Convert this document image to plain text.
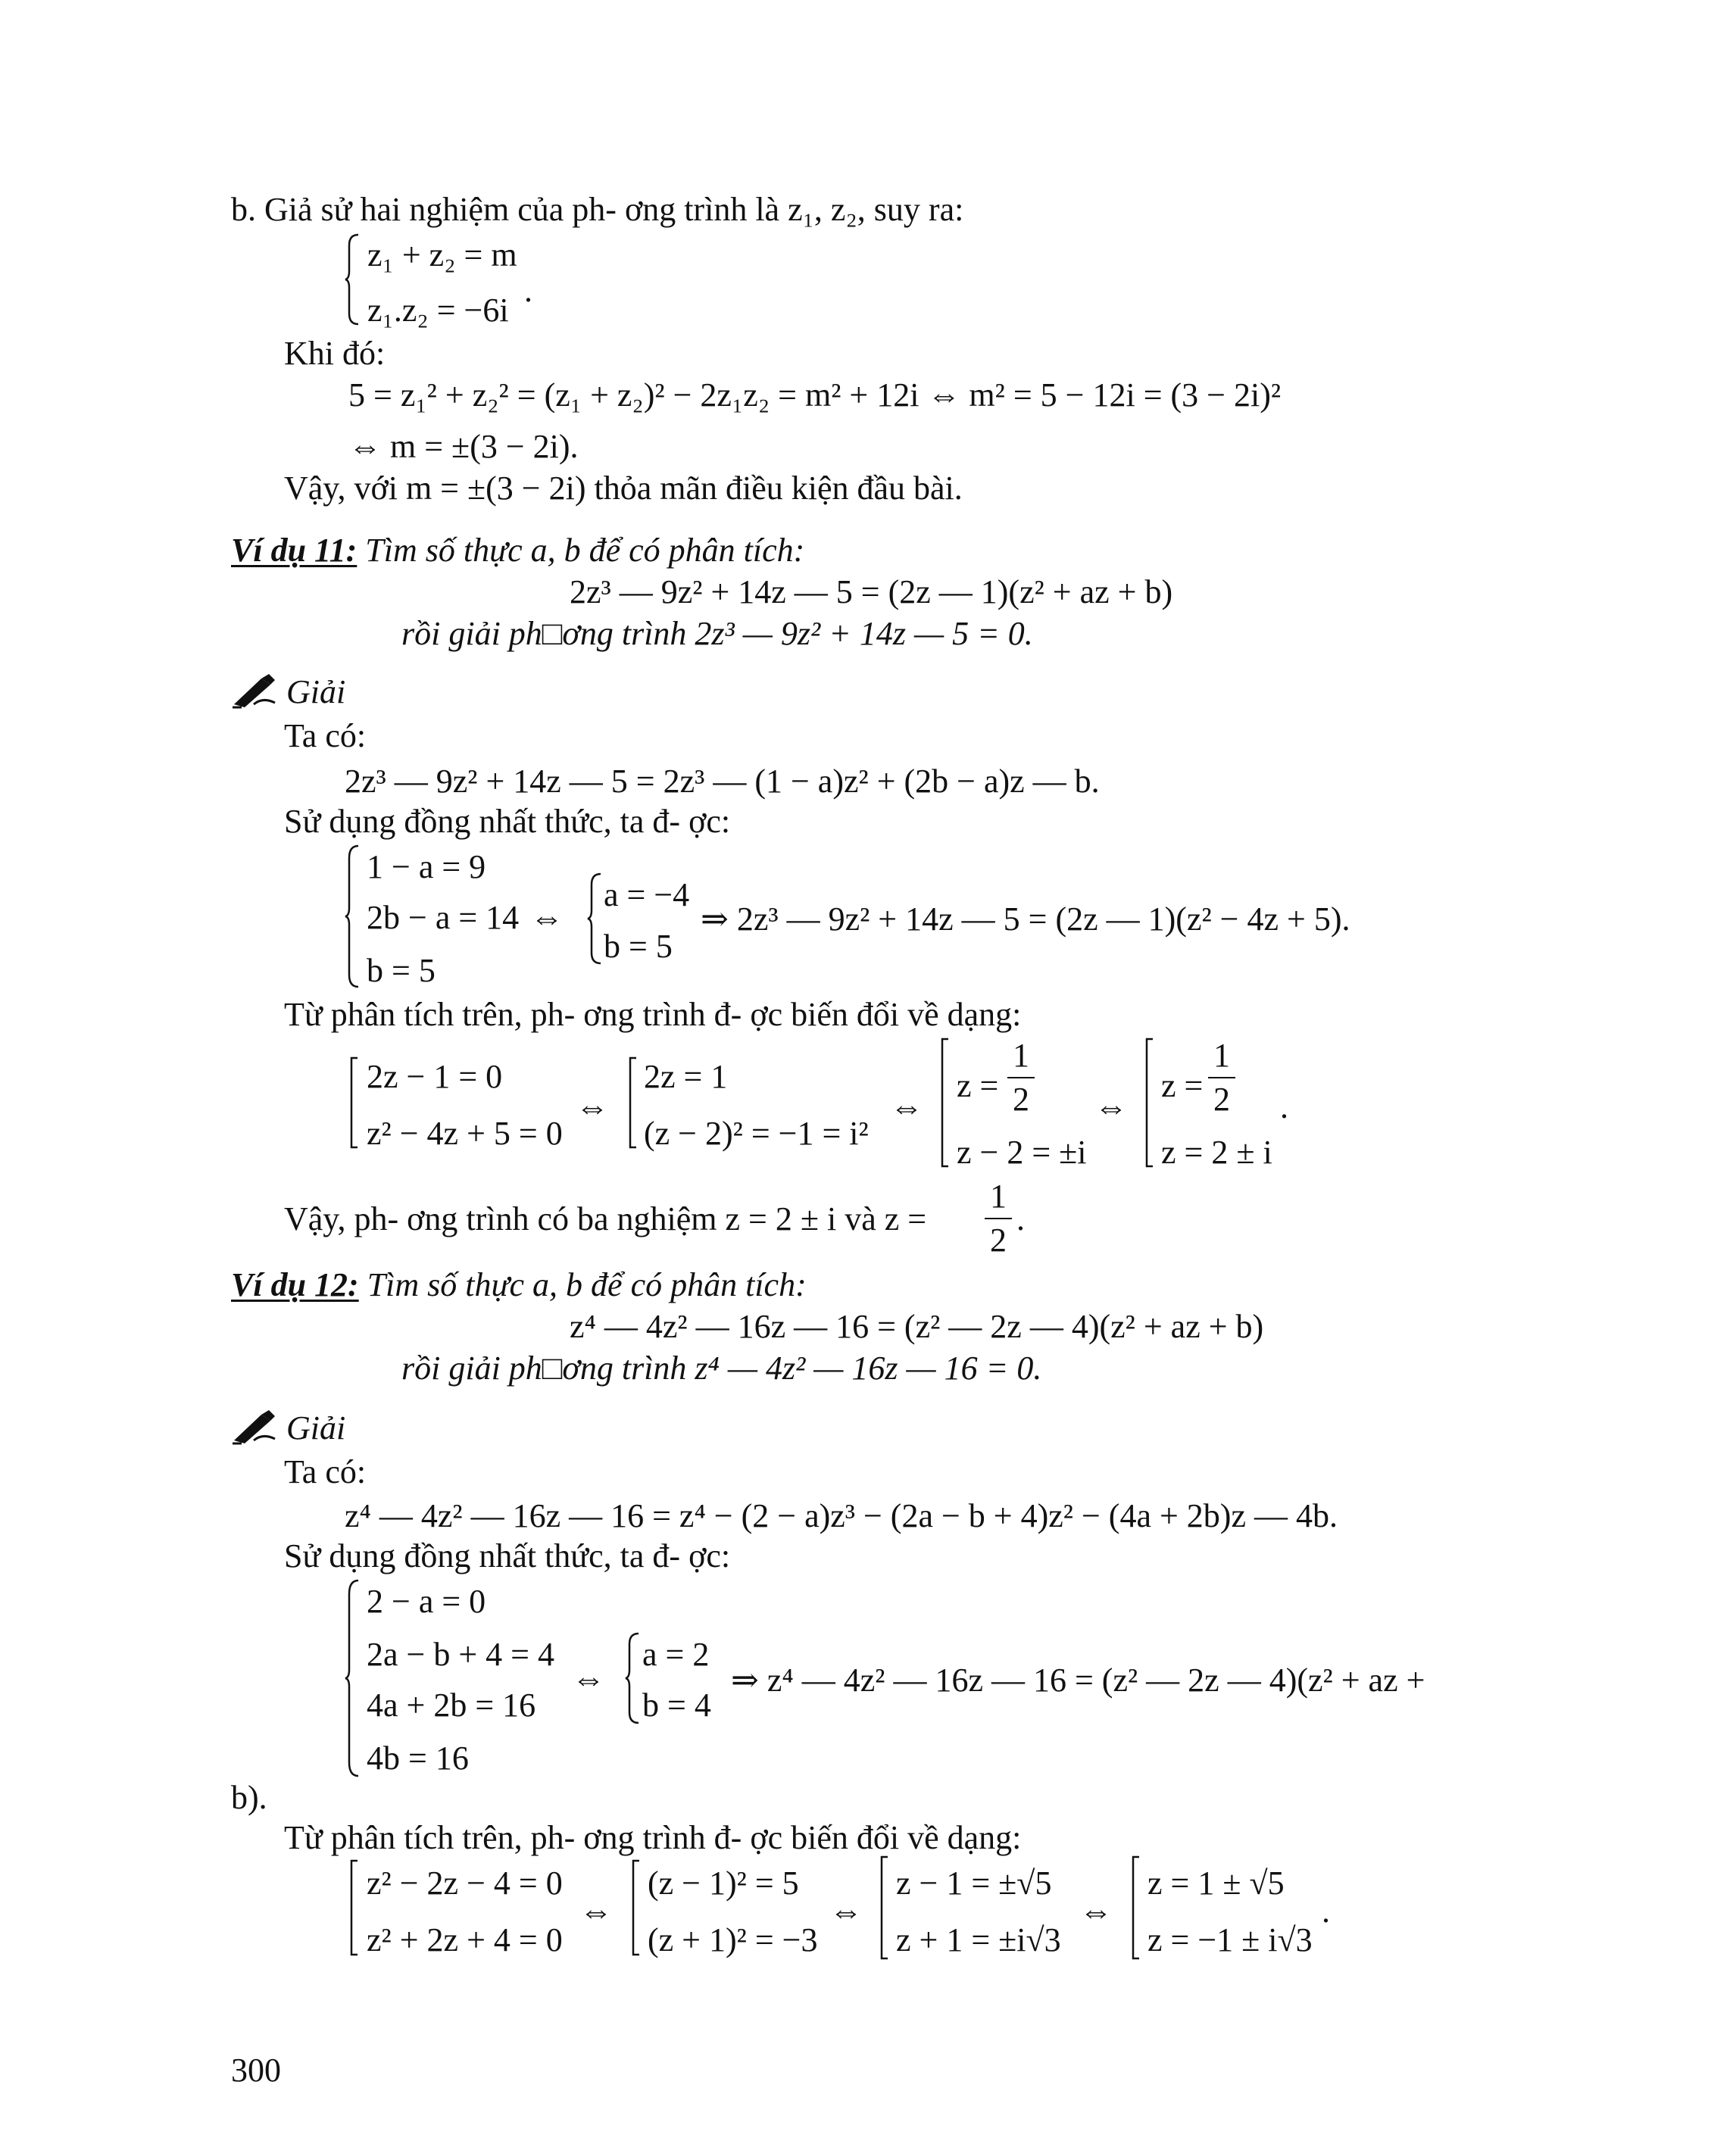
b. Giả sử hai nghiệm của ph- ơng trình là z₁, z₂, suy ra:
z₁ + z₂ = m
z₁.z₂ = −6i
.
Khi đó:
5 = z₁² + z₂² = (z₁ + z₂)² − 2z₁z₂ = m² + 12i ⇔ m² = 5 − 12i = (3 − 2i)²
⇔ m = ±(3 − 2i).
Vậy, với m = ±(3 − 2i) thỏa mãn điều kiện đầu bài.
Ví dụ 11: Tìm số thực a, b để có phân tích:
2z³ — 9z² + 14z — 5 = (2z — 1)(z² + az + b)
rồi giải ph□ơng trình 2z³ — 9z² + 14z — 5 = 0.
Giải
Ta có:
2z³ — 9z² + 14z — 5 = 2z³ — (1 − a)z² + (2b − a)z — b.
Sử dụng đồng nhất thức, ta đ- ợc:
1 − a = 9
2b − a = 14
b = 5
⇔
a = −4
b = 5
⇒ 2z³ — 9z² + 14z — 5 = (2z — 1)(z² − 4z + 5).
Từ phân tích trên, ph- ơng trình đ- ợc biến đổi về dạng:
2z − 1 = 0
z² − 4z + 5 = 0
⇔
2z = 1
(z − 2)² = −1 = i²
⇔
z =
1
2
z − 2 = ±i
⇔
z =
1
2
z = 2 ± i
.
Vậy, ph- ơng trình có ba nghiệm z = 2 ± i và z =
1
2
.
Ví dụ 12: Tìm số thực a, b để có phân tích:
z⁴ — 4z² — 16z — 16 = (z² — 2z — 4)(z² + az + b)
rồi giải ph□ơng trình z⁴ — 4z² — 16z — 16 = 0.
Giải
Ta có:
z⁴ — 4z² — 16z — 16 = z⁴ − (2 − a)z³ − (2a − b + 4)z² − (4a + 2b)z — 4b.
Sử dụng đồng nhất thức, ta đ- ợc:
2 − a = 0
2a − b + 4 = 4
4a + 2b = 16
4b = 16
⇔
a = 2
b = 4
⇒ z⁴ — 4z² — 16z — 16 = (z² — 2z — 4)(z² + az +
b).
Từ phân tích trên, ph- ơng trình đ- ợc biến đổi về dạng:
z² − 2z − 4 = 0
z² + 2z + 4 = 0
⇔
(z − 1)² = 5
(z + 1)² = −3
⇔
z − 1 = ±√5
z + 1 = ±i√3
⇔
z = 1 ± √5
z = −1 ± i√3
.
300
